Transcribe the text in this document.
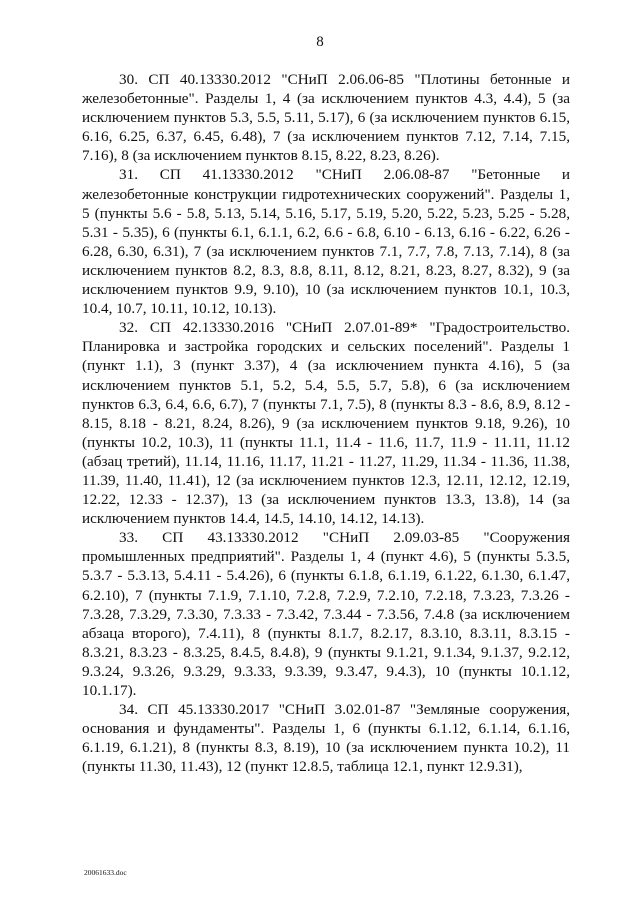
8

30. СП 40.13330.2012 "СНиП 2.06.06-85 "Плотины бетонные и железобетонные". Разделы 1, 4 (за исключением пунктов 4.3, 4.4), 5 (за исключением пунктов 5.3, 5.5, 5.11, 5.17), 6 (за исключением пунктов 6.15, 6.16, 6.25, 6.37, 6.45, 6.48), 7 (за исключением пунктов 7.12, 7.14, 7.15, 7.16), 8 (за исключением пунктов 8.15, 8.22, 8.23, 8.26).

31. СП 41.13330.2012 "СНиП 2.06.08-87 "Бетонные и железобетонные конструкции гидротехнических сооружений". Разделы 1, 5 (пункты 5.6 - 5.8, 5.13, 5.14, 5.16, 5.17, 5.19, 5.20, 5.22, 5.23, 5.25 - 5.28, 5.31 - 5.35), 6 (пункты 6.1, 6.1.1, 6.2, 6.6 - 6.8, 6.10 - 6.13, 6.16 - 6.22, 6.26 - 6.28, 6.30, 6.31), 7 (за исключением пунктов 7.1, 7.7, 7.8, 7.13, 7.14), 8 (за исключением пунктов 8.2, 8.3, 8.8, 8.11, 8.12, 8.21, 8.23, 8.27, 8.32), 9 (за исключением пунктов 9.9, 9.10), 10 (за исключением пунктов 10.1, 10.3, 10.4, 10.7, 10.11, 10.12, 10.13).

32. СП 42.13330.2016 "СНиП 2.07.01-89* "Градостроительство. Планировка и застройка городских и сельских поселений". Разделы 1 (пункт 1.1), 3 (пункт 3.37), 4 (за исключением пункта 4.16), 5 (за исключением пунктов 5.1, 5.2, 5.4, 5.5, 5.7, 5.8), 6 (за исключением пунктов 6.3, 6.4, 6.6, 6.7), 7 (пункты 7.1, 7.5), 8 (пункты 8.3 - 8.6, 8.9, 8.12 - 8.15, 8.18 - 8.21, 8.24, 8.26), 9 (за исключением пунктов 9.18, 9.26), 10 (пункты 10.2, 10.3), 11 (пункты 11.1, 11.4 - 11.6, 11.7, 11.9 - 11.11, 11.12 (абзац третий), 11.14, 11.16, 11.17, 11.21 - 11.27, 11.29, 11.34 - 11.36, 11.38, 11.39, 11.40, 11.41), 12 (за исключением пунктов 12.3, 12.11, 12.12, 12.19, 12.22, 12.33 - 12.37), 13 (за исключением пунктов 13.3, 13.8), 14 (за исключением пунктов 14.4, 14.5, 14.10, 14.12, 14.13).

33. СП 43.13330.2012 "СНиП 2.09.03-85 "Сооружения промышленных предприятий". Разделы 1, 4 (пункт 4.6), 5 (пункты 5.3.5, 5.3.7 - 5.3.13, 5.4.11 - 5.4.26), 6 (пункты 6.1.8, 6.1.19, 6.1.22, 6.1.30, 6.1.47, 6.2.10), 7 (пункты 7.1.9, 7.1.10, 7.2.8, 7.2.9, 7.2.10, 7.2.18, 7.3.23, 7.3.26 - 7.3.28, 7.3.29, 7.3.30, 7.3.33 - 7.3.42, 7.3.44 - 7.3.56, 7.4.8 (за исключением абзаца второго), 7.4.11), 8 (пункты 8.1.7, 8.2.17, 8.3.10, 8.3.11, 8.3.15 - 8.3.21, 8.3.23 - 8.3.25, 8.4.5, 8.4.8), 9 (пункты 9.1.21, 9.1.34, 9.1.37, 9.2.12, 9.3.24, 9.3.26, 9.3.29, 9.3.33, 9.3.39, 9.3.47, 9.4.3), 10 (пункты 10.1.12, 10.1.17).

34. СП 45.13330.2017 "СНиП 3.02.01-87 "Земляные сооружения, основания и фундаменты". Разделы 1, 6 (пункты 6.1.12, 6.1.14, 6.1.16, 6.1.19, 6.1.21), 8 (пункты 8.3, 8.19), 10 (за исключением пункта 10.2), 11 (пункты 11.30, 11.43), 12 (пункт 12.8.5, таблица 12.1, пункт 12.9.31),

20061633.doc
